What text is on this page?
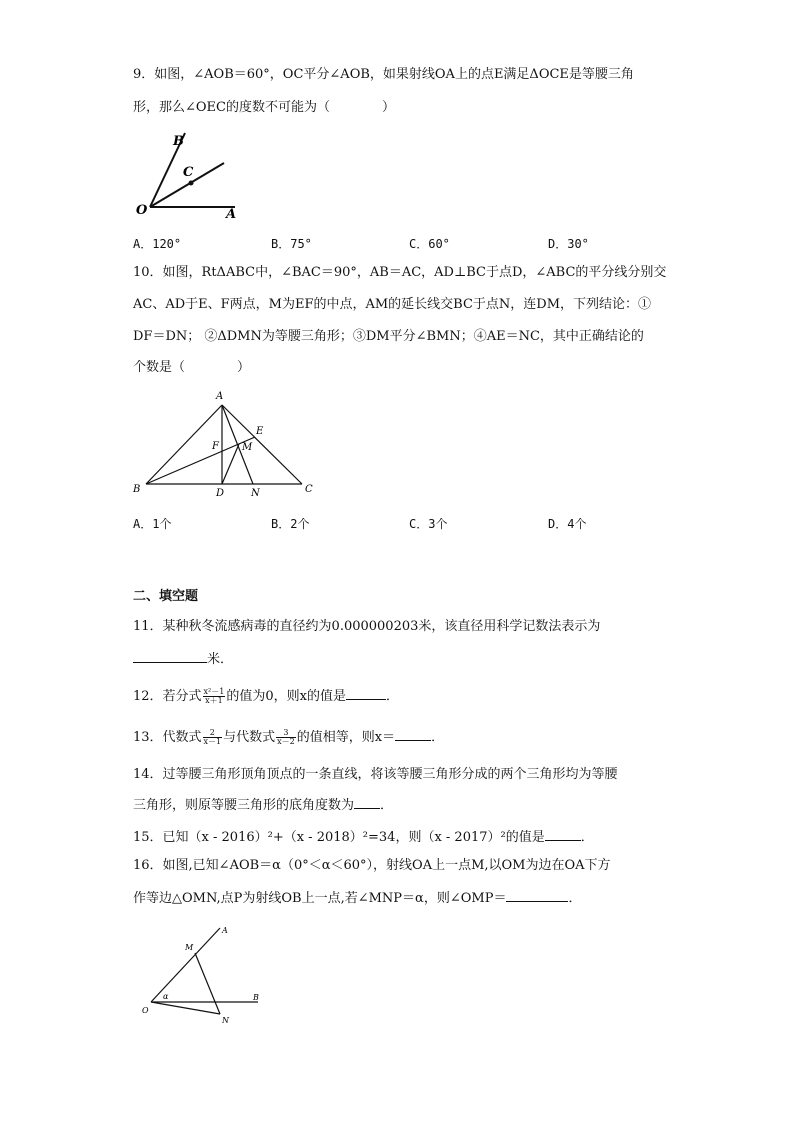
9．如图，∠AOB＝60°，OC平分∠AOB，如果射线OA上的点E满足ΔOCE是等腰三角
形，那么∠OEC的度数不可能为（　　　　）
B
C
O	A
A．120°	B．75°	C．60°	D．30°
10．如图，RtΔABC中，∠BAC＝90°，AB＝AC，AD⊥BC于点D，∠ABC的平分线分别交
AC、AD于E、F两点，M为EF的中点，AM的延长线交BC于点N，连DM，下列结论：①
DF＝DN； ②ΔDMN为等腰三角形；③DM平分∠BMN；④AE＝NC，其中正确结论的
个数是（　　　　）
A
E
F M
B	D	N	C
A．1个	B．2个	C．3个	D．4个
二、填空题
11．某种秋冬流感病毒的直径约为0.000000203米，该直径用科学记数法表示为
米．
12．若分式 $\frac{\text{x²－1}}{x+1}$ 的值为0，则x的值是	．
13．代数式 $\frac{2}{x-1}$ 与代数式 $\frac{3}{x-2}$ 的值相等，则x＝	．
14．过等腰三角形顶角顶点的一条直线，将该等腰三角形分成的两个三角形均为等腰
三角形，则原等腰三角形的底角度数为 ．
15．已知（x - 2016）²+（x - 2018）²=34，则（x - 2017）²的值是	．
16．如图,已知∠AOB＝α（0°＜α＜60°），射线OA上一点M,以OM为边在OA下方
作等边△OMN,点P为射线OB上一点,若∠MNP＝α，则∠OMP＝	．
A
M
α	B
O
N
